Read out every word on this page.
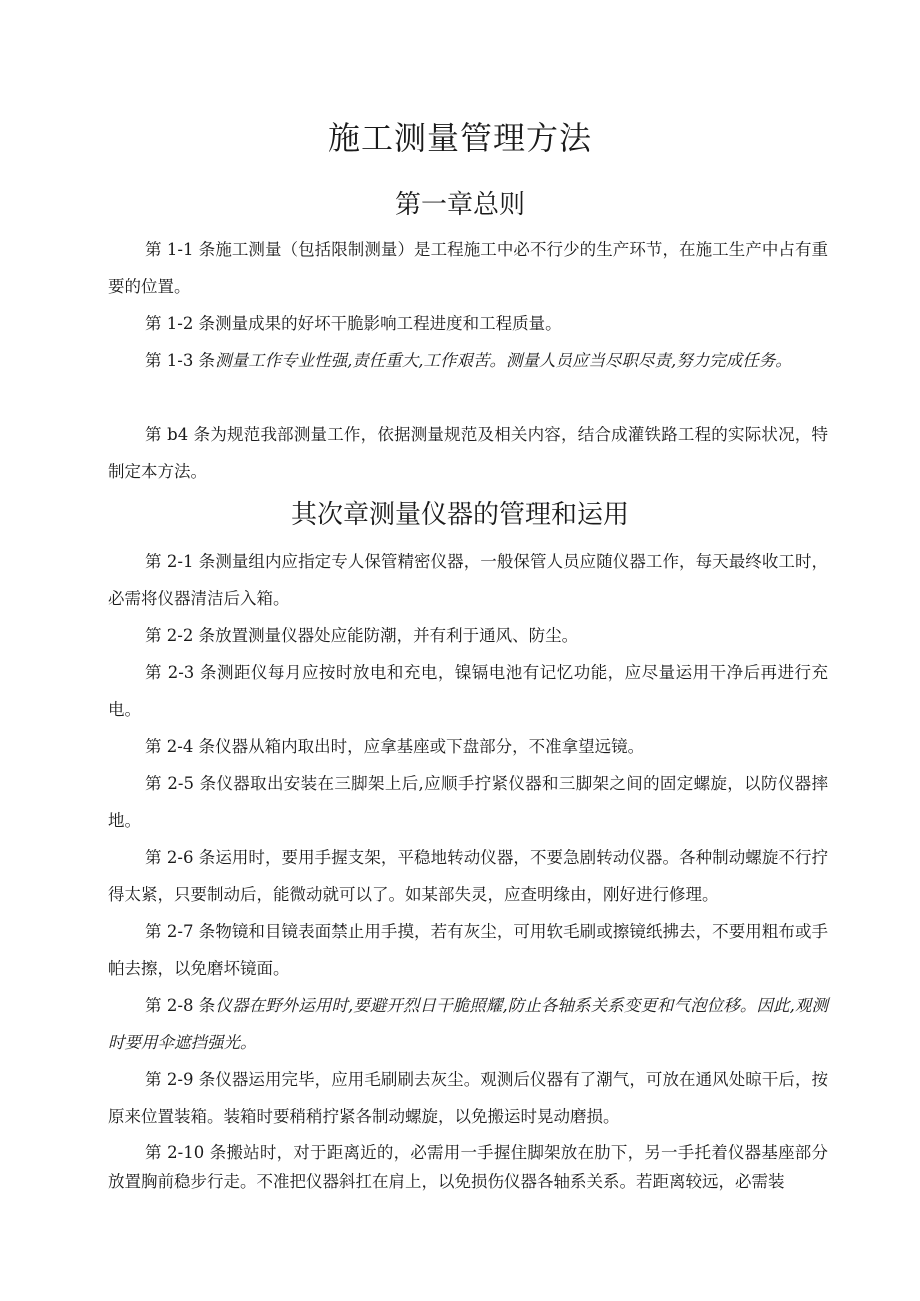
施工测量管理方法
第一章总则

第 1-1 条施工测量（包括限制测量）是工程施工中必不行少的生产环节，在施工生产中占有重要的位置。

第 1-2 条测量成果的好坏干脆影响工程进度和工程质量。

第 1-3 条测量工作专业性强,责任重大,工作艰苦。测量人员应当尽职尽责,努力完成任务。

第 b4 条为规范我部测量工作，依据测量规范及相关内容，结合成灌铁路工程的实际状况，特制定本方法。

其次章测量仪器的管理和运用

第 2-1 条测量组内应指定专人保管精密仪器，一般保管人员应随仪器工作，每天最终收工时，必需将仪器清洁后入箱。

第 2-2 条放置测量仪器处应能防潮，并有利于通风、防尘。

第 2-3 条测距仪每月应按时放电和充电，镍镉电池有记忆功能，应尽量运用干净后再进行充电。

第 2-4 条仪器从箱内取出时，应拿基座或下盘部分，不准拿望远镜。

第 2-5 条仪器取出安装在三脚架上后,应顺手拧紧仪器和三脚架之间的固定螺旋，以防仪器摔地。

第 2-6 条运用时，要用手握支架，平稳地转动仪器，不要急剧转动仪器。各种制动螺旋不行拧得太紧，只要制动后，能微动就可以了。如某部失灵，应查明缘由，刚好进行修理。

第 2-7 条物镜和目镜表面禁止用手摸，若有灰尘，可用软毛刷或擦镜纸拂去，不要用粗布或手帕去擦，以免磨坏镜面。

第 2-8 条仪器在野外运用时,要避开烈日干脆照耀,防止各轴系关系变更和气泡位移。因此,观测时要用伞遮挡强光。

第 2-9 条仪器运用完毕，应用毛刷刷去灰尘。观测后仪器有了潮气，可放在通风处晾干后，按原来位置装箱。装箱时要稍稍拧紧各制动螺旋，以免搬运时晃动磨损。

第 2-10 条搬站时，对于距离近的，必需用一手握住脚架放在肋下，另一手托着仪器基座部分放置胸前稳步行走。不准把仪器斜扛在肩上，以免损伤仪器各轴系关系。若距离较远，必需装
